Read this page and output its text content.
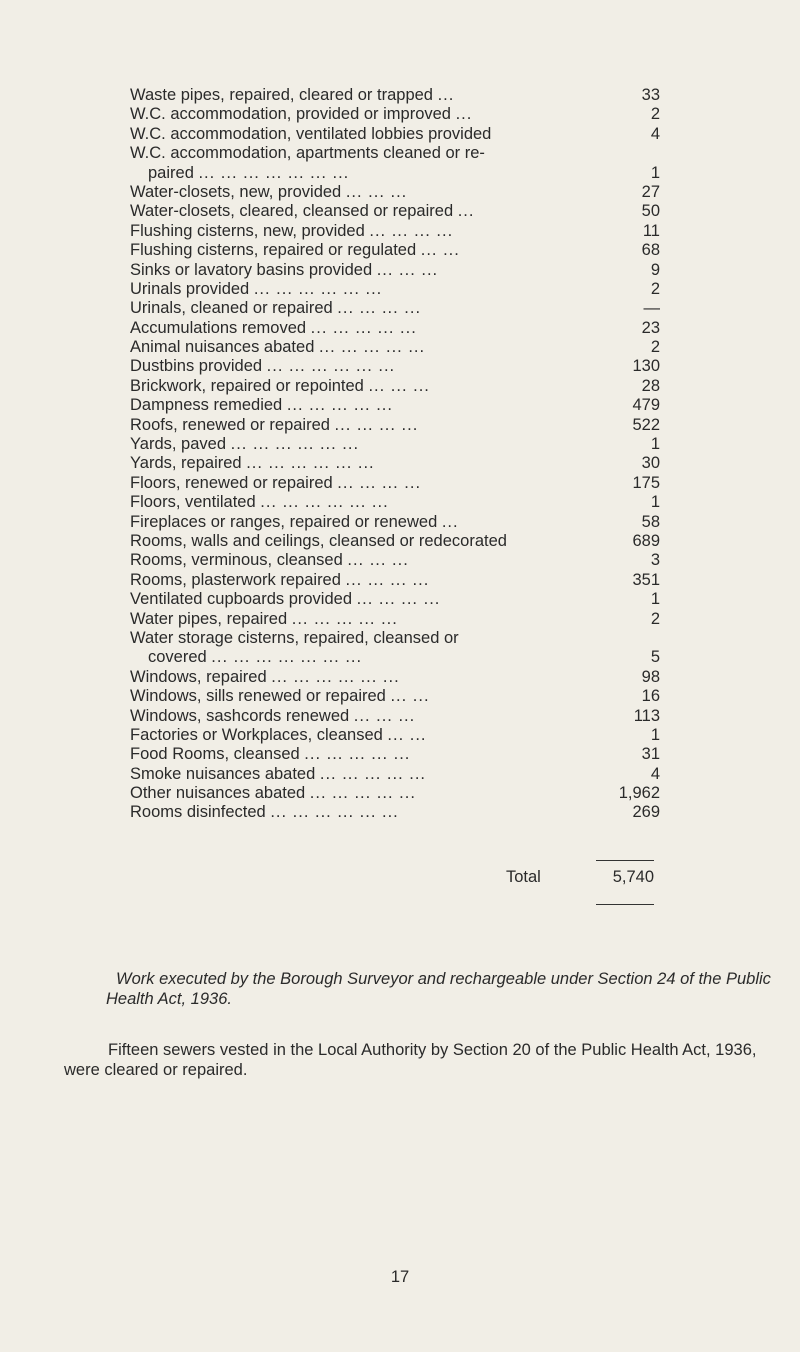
Waste pipes, repaired, cleared or trapped ...	33
W.C. accommodation, provided or improved ...	2
W.C. accommodation, ventilated lobbies provided	4
W.C. accommodation, apartments cleaned or re-
paired ... ... ... ... ... ... ...	1
Water-closets, new, provided ... ... ...	27
Water-closets, cleared, cleansed or repaired ...	50
Flushing cisterns, new, provided ... ... ... ...	11
Flushing cisterns, repaired or regulated ... ...	68
Sinks or lavatory basins provided ... ... ...	9
Urinals provided ... ... ... ... ... ...	2
Urinals, cleaned or repaired ... ... ... ...	—
Accumulations removed ... ... ... ... ...	23
Animal nuisances abated ... ... ... ... ...	2
Dustbins provided ... ... ... ... ... ...	130
Brickwork, repaired or repointed ... ... ...	28
Dampness remedied ... ... ... ... ...	479
Roofs, renewed or repaired ... ... ... ...	522
Yards, paved ... ... ... ... ... ...	1
Yards, repaired ... ... ... ... ... ...	30
Floors, renewed or repaired ... ... ... ...	175
Floors, ventilated ... ... ... ... ... ...	1
Fireplaces or ranges, repaired or renewed ...	58
Rooms, walls and ceilings, cleansed or redecorated	689
Rooms, verminous, cleansed ... ... ...	3
Rooms, plasterwork repaired ... ... ... ...	351
Ventilated cupboards provided ... ... ... ...	1
Water pipes, repaired ... ... ... ... ...	2
Water storage cisterns, repaired, cleansed or
covered ... ... ... ... ... ... ...	5
Windows, repaired ... ... ... ... ... ...	98
Windows, sills renewed or repaired ... ...	16
Windows, sashcords renewed ... ... ...	113
Factories or Workplaces, cleansed ... ...	1
Food Rooms, cleansed ... ... ... ... ...	31
Smoke nuisances abated ... ... ... ... ...	4
Other nuisances abated ... ... ... ... ...	1,962
Rooms disinfected ... ... ... ... ... ...	269
Total	5,740
Work executed by the Borough Surveyor and rechargeable under Section 24 of the Public Health Act, 1936.
Fifteen sewers vested in the Local Authority by Section 20 of the Public Health Act, 1936, were cleared or repaired.
17
